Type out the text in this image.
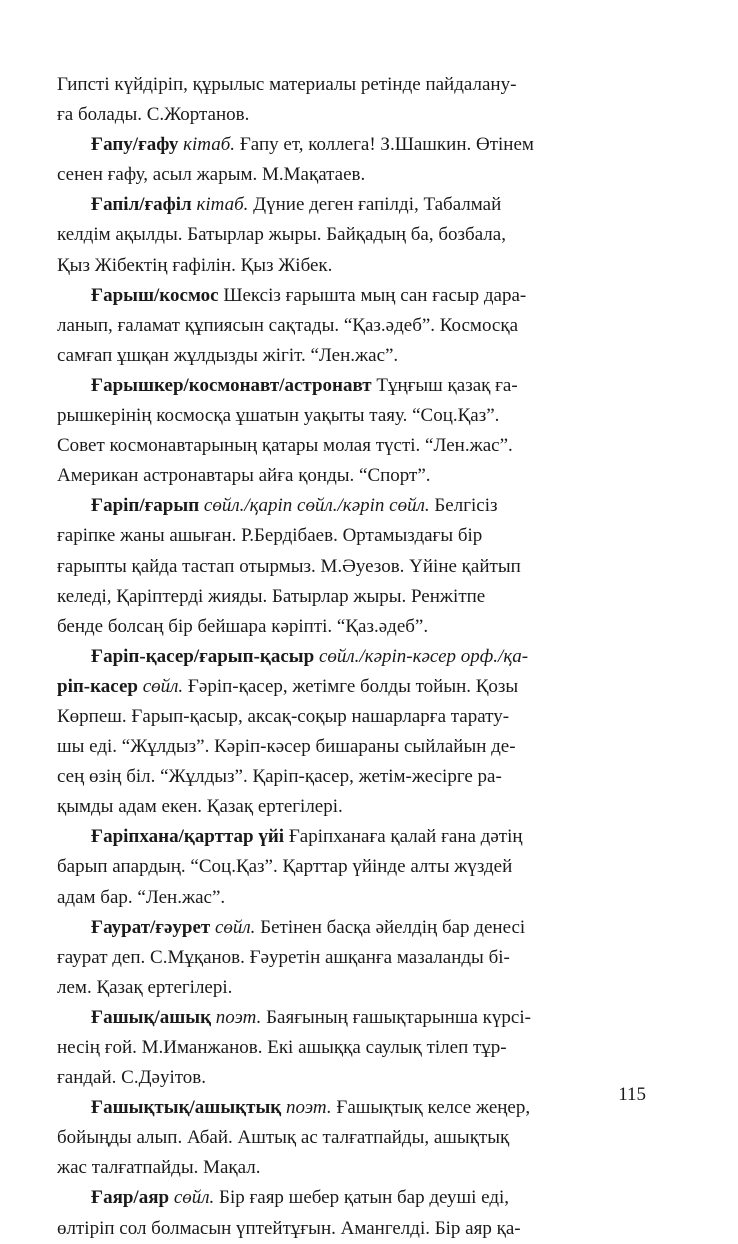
Гипсті күйдіріп, құрылыс материалы ретінде пайдалану-
ға болады. С.Жортанов.
Ғапу/ғафу кітаб. Ғапу ет, коллега! З.Шашкин. Өтінем
сенен ғафу, асыл жарым. М.Мақатаев.
Ғапіл/ғафіл кітаб. Дүние деген ғапілді, Табалмай
келдім ақылды. Батырлар жыры. Байқадың ба, бозбала,
Қыз Жібектің ғафілін. Қыз Жібек.
Ғарыш/космос Шексіз ғарышта мың сан ғасыр дара-
ланып, ғаламат құпиясын сақтады. “Қаз.әдеб”. Космосқа
самғап ұшқан жұлдызды жігіт. “Лен.жас”.
Ғарышкер/космонавт/астронавт Тұңғыш қазақ ға-
рышкерінің космосқа ұшатын уақыты таяу. “Соц.Қаз”.
Совет космонавтарының қатары молая түсті. “Лен.жас”.
Американ астронавтары айға қонды. “Спорт”.
Ғаріп/ғарып сөйл./қаріп сөйл./кәріп сөйл. Белгісіз
ғаріпке жаны ашыған. Р.Бердібаев. Ортамыздағы бір
ғарыпты қайда тастап отырмыз. М.Әуезов. Үйіне қайтып
келеді, Қаріптерді жияды. Батырлар жыры. Ренжітпе
бенде болсаң бір бейшара кәріпті. “Қаз.әдеб”.
Ғаріп-қасер/ғарып-қасыр сөйл./кәріп-кәсер орф./қа-
ріп-касер сөйл. Ғәріп-қасер, жетімге болды тойын. Қозы
Көрпеш. Ғарып-қасыр, аксақ-соқыр нашарларға тарату-
шы еді. “Жұлдыз”. Кәріп-кәсер бишараны сыйлайын де-
сең өзің біл. “Жұлдыз”. Қаріп-қасер, жетім-жесірге ра-
қымды адам екен. Қазақ ертегілері.
Ғаріпхана/қарттар үйі Ғаріпханаға қалай ғана дәтің
барып апардың. “Соц.Қаз”. Қарттар үйінде алты жүздей
адам бар. “Лен.жас”.
Ғаурат/ғәурет сөйл. Бетінен басқа әйелдің бар денесі
ғаурат деп. С.Мұқанов. Ғәуретін ашқанға мазаланды бі-
лем. Қазақ ертегілері.
Ғашық/ашық поэт. Баяғының ғашықтарынша күрсі-
несің ғой. М.Иманжанов. Екі ашыққа саулық тілеп тұр-
ғандай. С.Дәуітов.
Ғашықтық/ашықтық поэт. Ғашықтық келсе жеңер,
бойыңды алып. Абай. Аштық ас талғатпайды, ашықтық
жас талғатпайды. Мақал.
Ғаяр/аяр сөйл. Бір ғаяр шебер қатын бар деуші еді,
өлтіріп сол болмасын үптейтұғын. Амангелді. Бір аяр қа-
115
